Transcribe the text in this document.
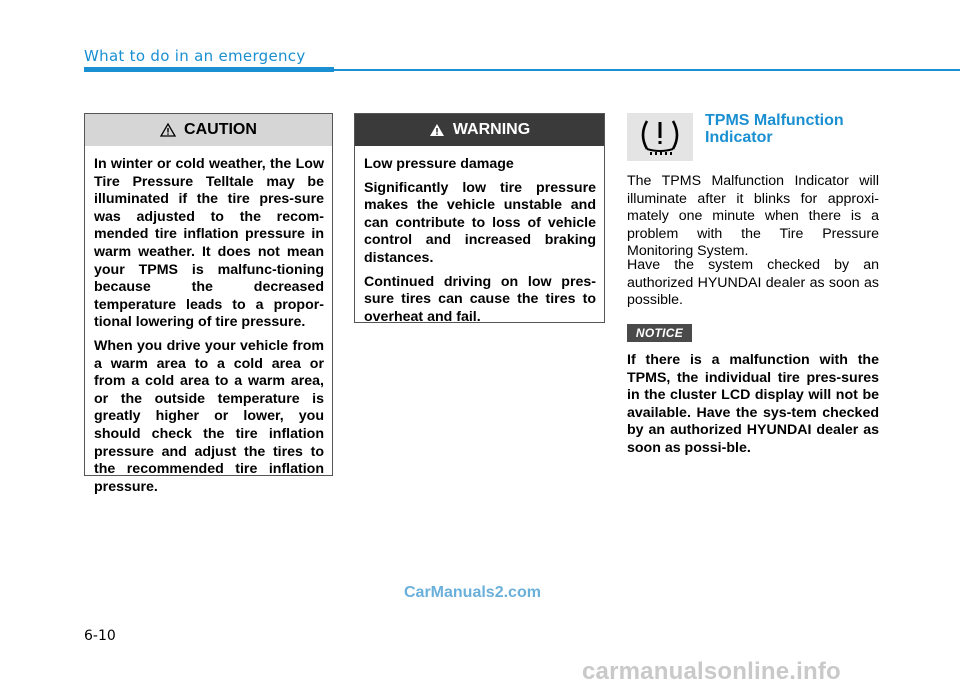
What to do in an emergency
CAUTION

In winter or cold weather, the Low Tire Pressure Telltale may be illuminated if the tire pres-sure was adjusted to the recom-mended tire inflation pressure in warm weather. It does not mean your TPMS is malfunc-tioning because the decreased temperature leads to a propor-tional lowering of tire pressure.

When you drive your vehicle from a warm area to a cold area or from a cold area to a warm area, or the outside temperature is greatly higher or lower, you should check the tire inflation pressure and adjust the tires to the recommended tire inflation pressure.

WARNING

Low pressure damage

Significantly low tire pressure makes the vehicle unstable and can contribute to loss of vehicle control and increased braking distances.

Continued driving on low pres-sure tires can cause the tires to overheat and fail.

TPMS Malfunction Indicator
The TPMS Malfunction Indicator will illuminate after it blinks for approxi-mately one minute when there is a problem with the Tire Pressure Monitoring System.
Have the system checked by an authorized HYUNDAI dealer as soon as possible.
NOTICE
If there is a malfunction with the TPMS, the individual tire pres-sures in the cluster LCD display will not be available. Have the sys-tem checked by an authorized HYUNDAI dealer as soon as possi-ble.
CarManuals2.com
6-10
carmanualsonline.info
